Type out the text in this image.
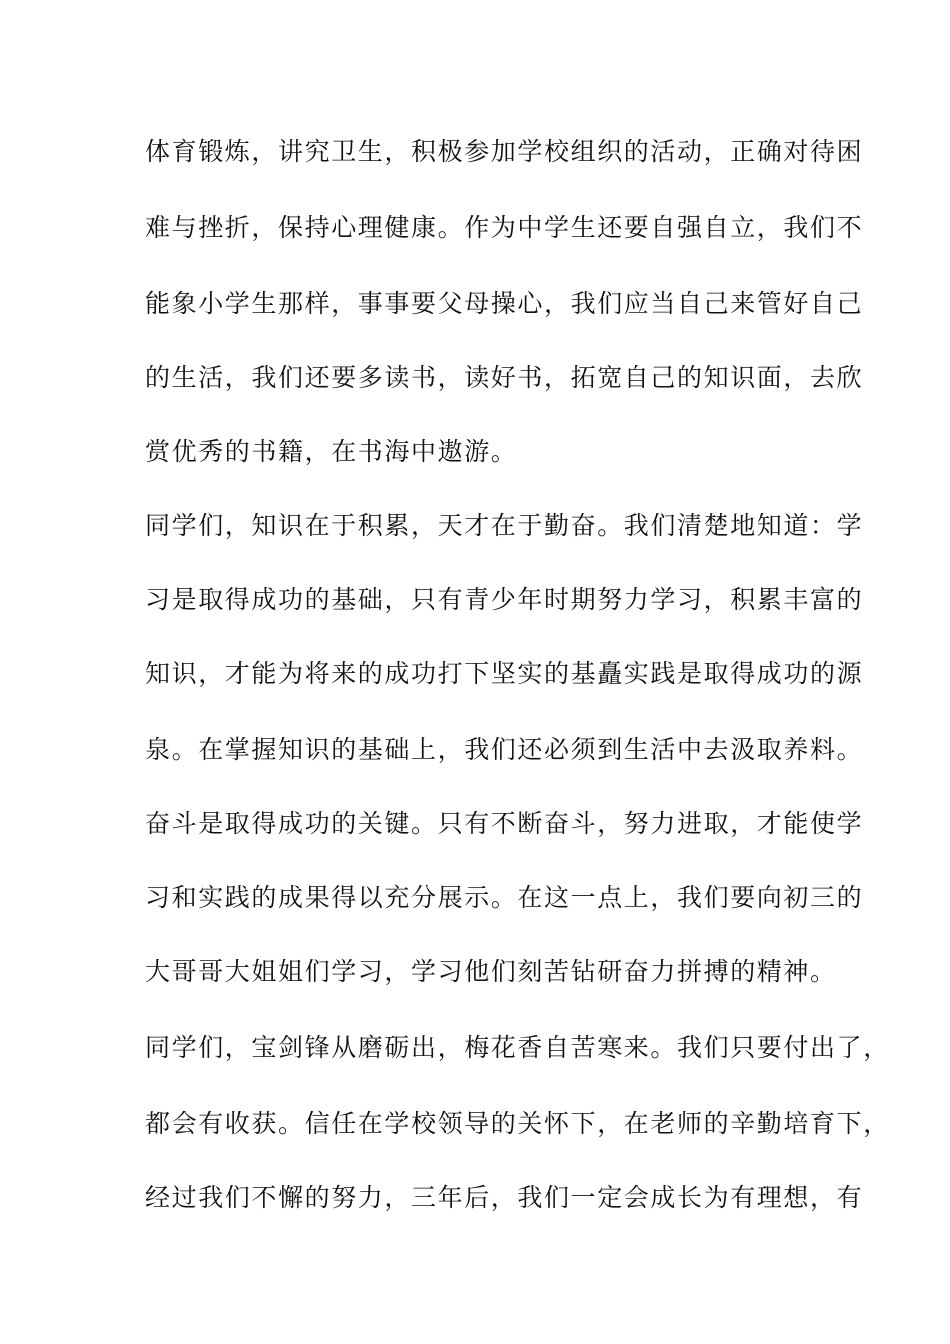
体育锻炼，讲究卫生，积极参加学校组织的活动，正确对待困
难与挫折，保持心理健康。作为中学生还要自强自立，我们不
能象小学生那样，事事要父母操心，我们应当自己来管好自己
的生活，我们还要多读书，读好书，拓宽自己的知识面，去欣
赏优秀的书籍，在书海中遨游。
同学们，知识在于积累，天才在于勤奋。我们清楚地知道：学
习是取得成功的基础，只有青少年时期努力学习，积累丰富的
知识，才能为将来的成功打下坚实的基矗实践是取得成功的源
泉。在掌握知识的基础上，我们还必须到生活中去汲取养料。
奋斗是取得成功的关键。只有不断奋斗，努力进取，才能使学
习和实践的成果得以充分展示。在这一点上，我们要向初三的
大哥哥大姐姐们学习，学习他们刻苦钻研奋力拼搏的精神。
同学们，宝剑锋从磨砺出，梅花香自苦寒来。我们只要付出了，
都会有收获。信任在学校领导的关怀下，在老师的辛勤培育下，
经过我们不懈的努力，三年后，我们一定会成长为有理想，有
